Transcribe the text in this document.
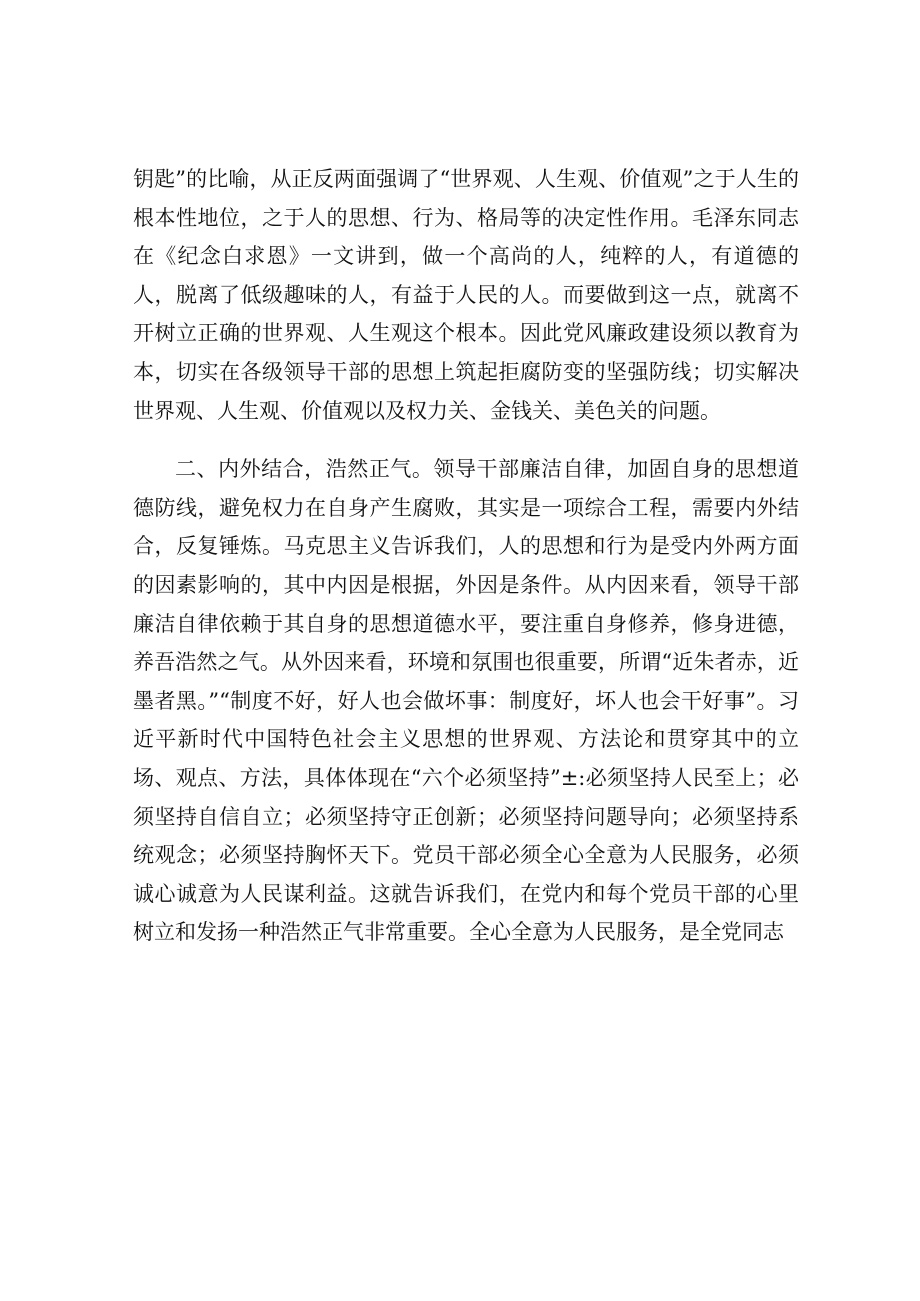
钥匙”的比喻，从正反两面强调了“世界观、人生观、价值观”之于人生的根本性地位，之于人的思想、行为、格局等的决定性作用。毛泽东同志在《纪念白求恩》一文讲到，做一个高尚的人，纯粹的人，有道德的人，脱离了低级趣味的人，有益于人民的人。而要做到这一点，就离不开树立正确的世界观、人生观这个根本。因此党风廉政建设须以教育为本，切实在各级领导干部的思想上筑起拒腐防变的坚强防线；切实解决世界观、人生观、价值观以及权力关、金钱关、美色关的问题。

二、内外结合，浩然正气。领导干部廉洁自律，加固自身的思想道德防线，避免权力在自身产生腐败，其实是一项综合工程，需要内外结合，反复锤炼。马克思主义告诉我们，人的思想和行为是受内外两方面的因素影响的，其中内因是根据，外因是条件。从内因来看，领导干部廉洁自律依赖于其自身的思想道德水平，要注重自身修养，修身进德，养吾浩然之气。从外因来看，环境和氛围也很重要，所谓“近朱者赤，近墨者黑。”“制度不好，好人也会做坏事：制度好，坏人也会干好事”。习近平新时代中国特色社会主义思想的世界观、方法论和贯穿其中的立场、观点、方法，具体体现在“六个必须坚持”±:必须坚持人民至上；必须坚持自信自立；必须坚持守正创新；必须坚持问题导向；必须坚持系统观念；必须坚持胸怀天下。党员干部必须全心全意为人民服务，必须诚心诚意为人民谋利益。这就告诉我们，在党内和每个党员干部的心里树立和发扬一种浩然正气非常重要。全心全意为人民服务，是全党同志
